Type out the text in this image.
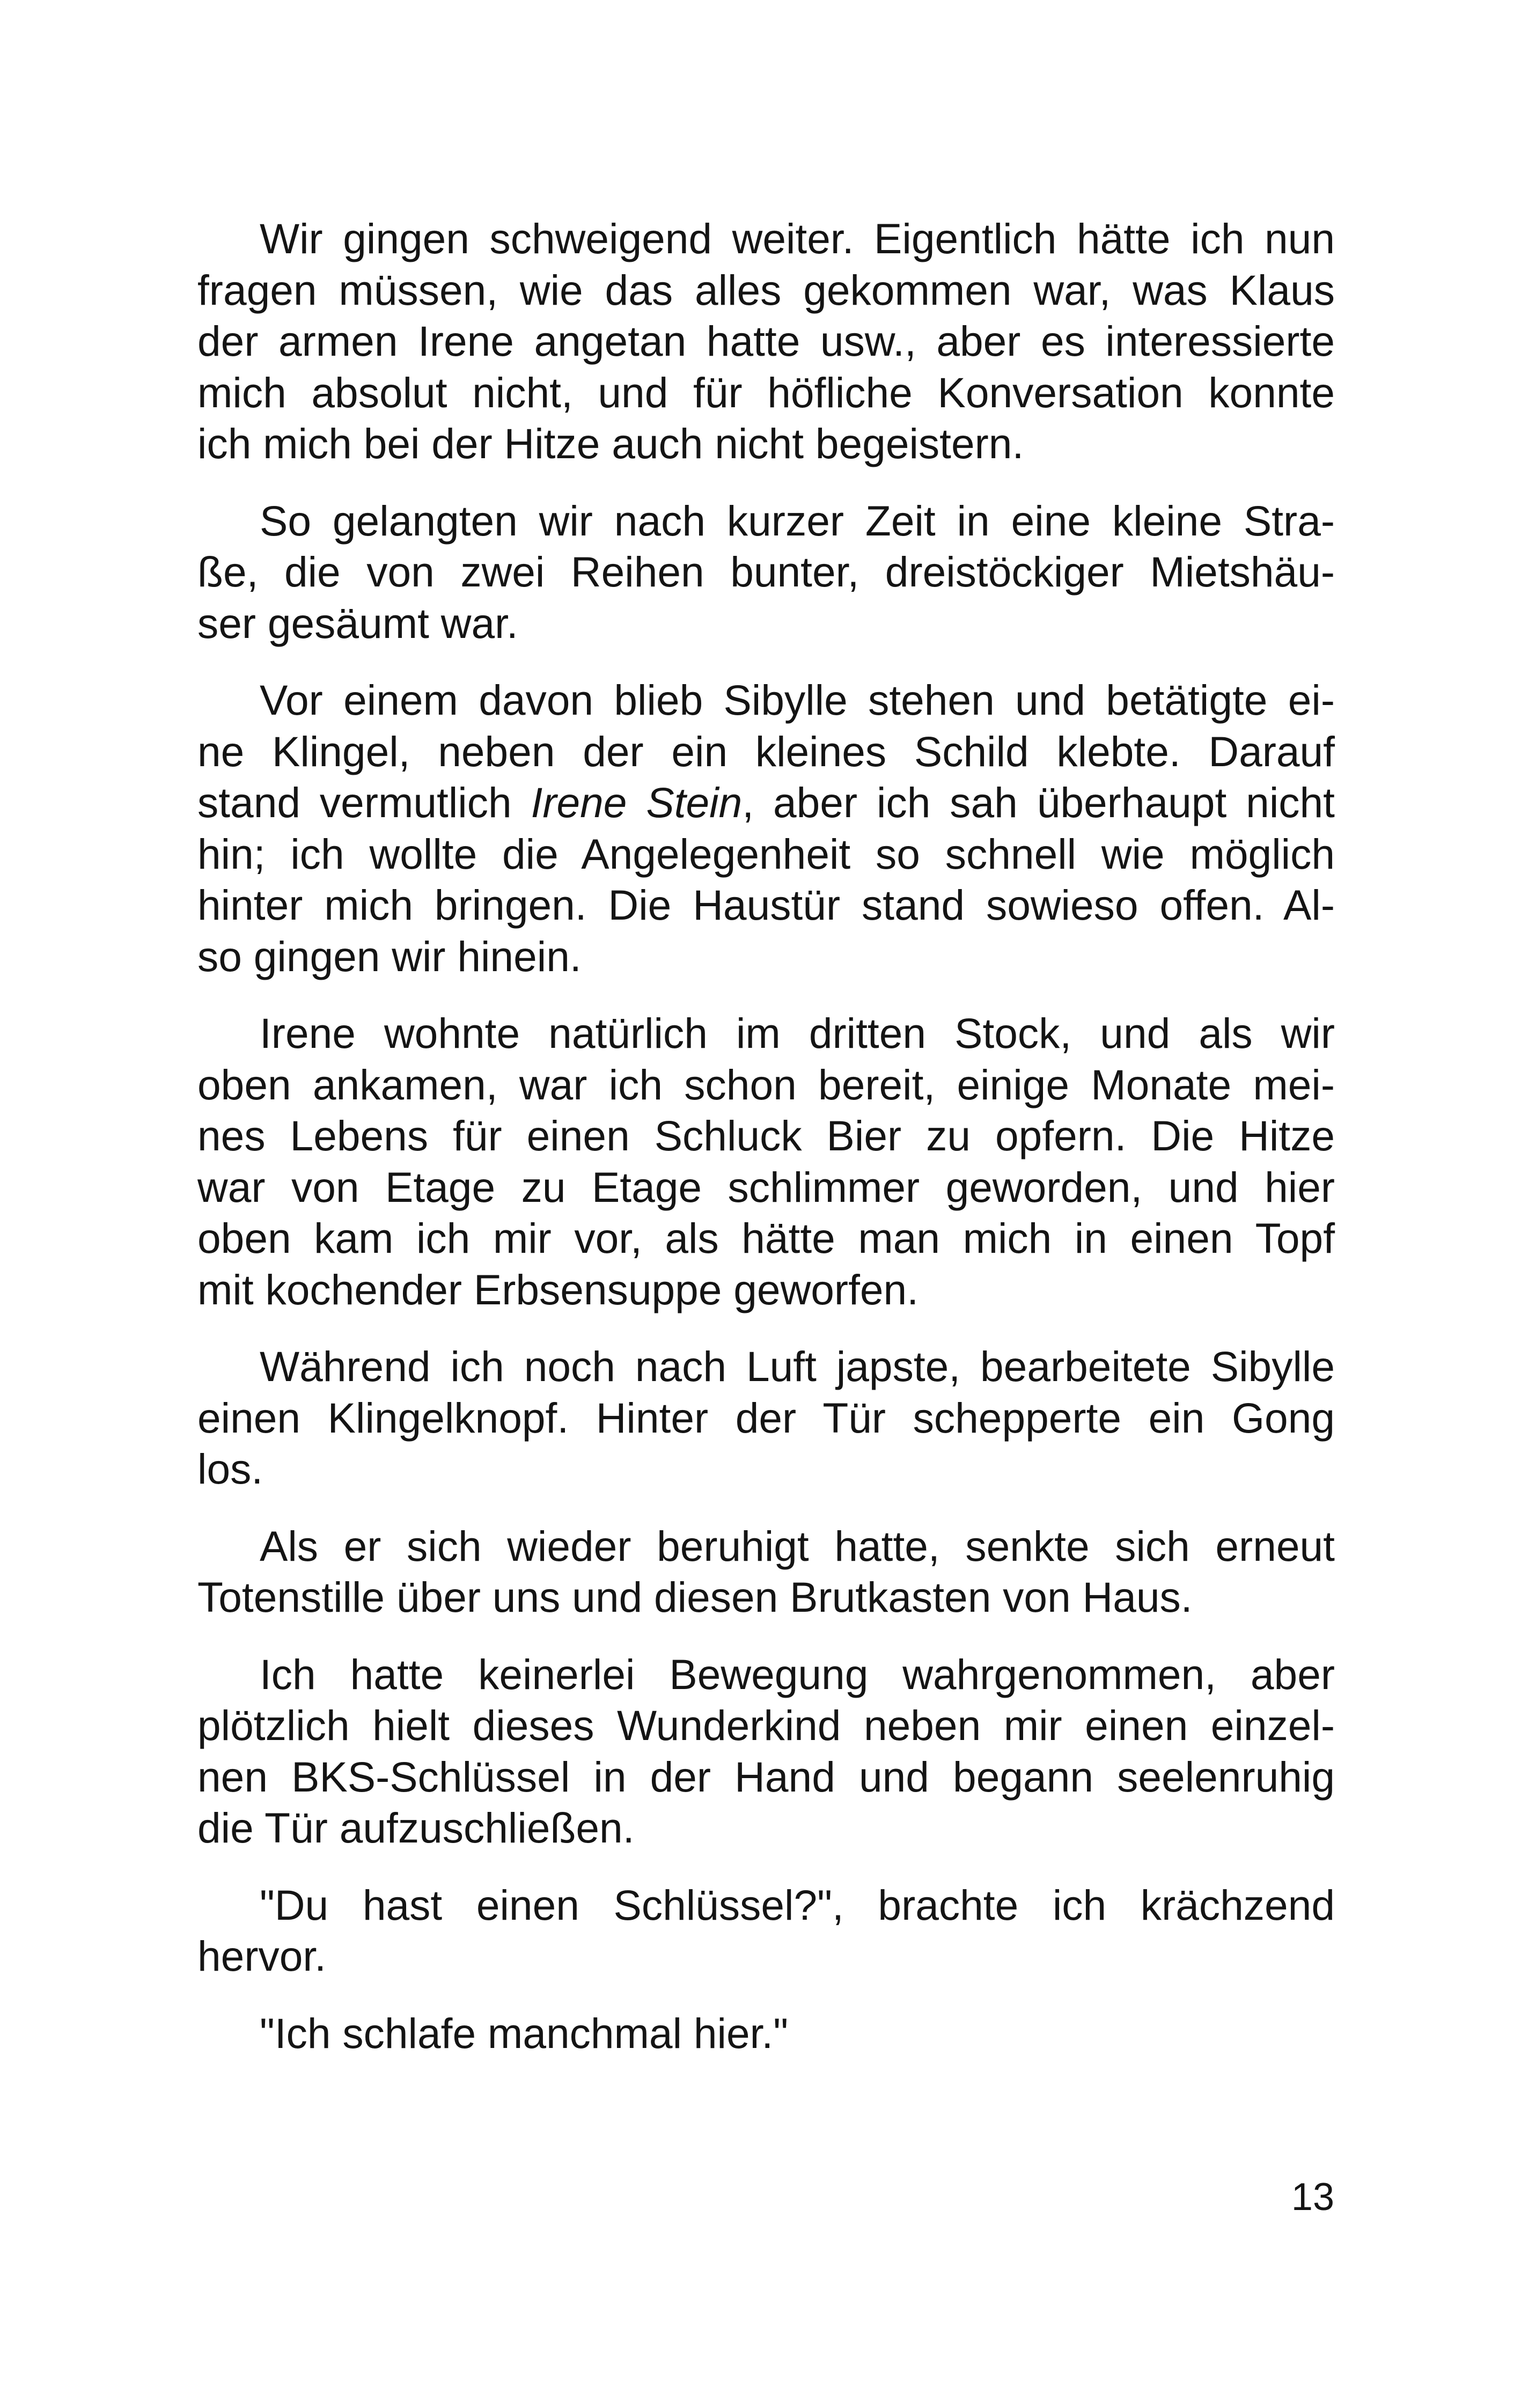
Wir gingen schweigend weiter. Eigentlich hätte ich nun
fragen müssen, wie das alles gekommen war, was Klaus
der armen Irene angetan hatte usw., aber es interessierte
mich absolut nicht, und für höfliche Konversation konnte
ich mich bei der Hitze auch nicht begeistern.

So gelangten wir nach kurzer Zeit in eine kleine Stra-
ße, die von zwei Reihen bunter, dreistöckiger Mietshäu-
ser gesäumt war.

Vor einem davon blieb Sibylle stehen und betätigte ei-
ne Klingel, neben der ein kleines Schild klebte. Darauf
stand vermutlich Irene Stein, aber ich sah überhaupt nicht
hin; ich wollte die Angelegenheit so schnell wie möglich
hinter mich bringen. Die Haustür stand sowieso offen. Al-
so gingen wir hinein.

Irene wohnte natürlich im dritten Stock, und als wir
oben ankamen, war ich schon bereit, einige Monate mei-
nes Lebens für einen Schluck Bier zu opfern. Die Hitze
war von Etage zu Etage schlimmer geworden, und hier
oben kam ich mir vor, als hätte man mich in einen Topf
mit kochender Erbsensuppe geworfen.

Während ich noch nach Luft japste, bearbeitete Sibylle
einen Klingelknopf. Hinter der Tür schepperte ein Gong
los.

Als er sich wieder beruhigt hatte, senkte sich erneut
Totenstille über uns und diesen Brutkasten von Haus.

Ich hatte keinerlei Bewegung wahrgenommen, aber
plötzlich hielt dieses Wunderkind neben mir einen einzel-
nen BKS-Schlüssel in der Hand und begann seelenruhig
die Tür aufzuschließen.

"Du hast einen Schlüssel?", brachte ich krächzend
hervor.

"Ich schlafe manchmal hier."

13
